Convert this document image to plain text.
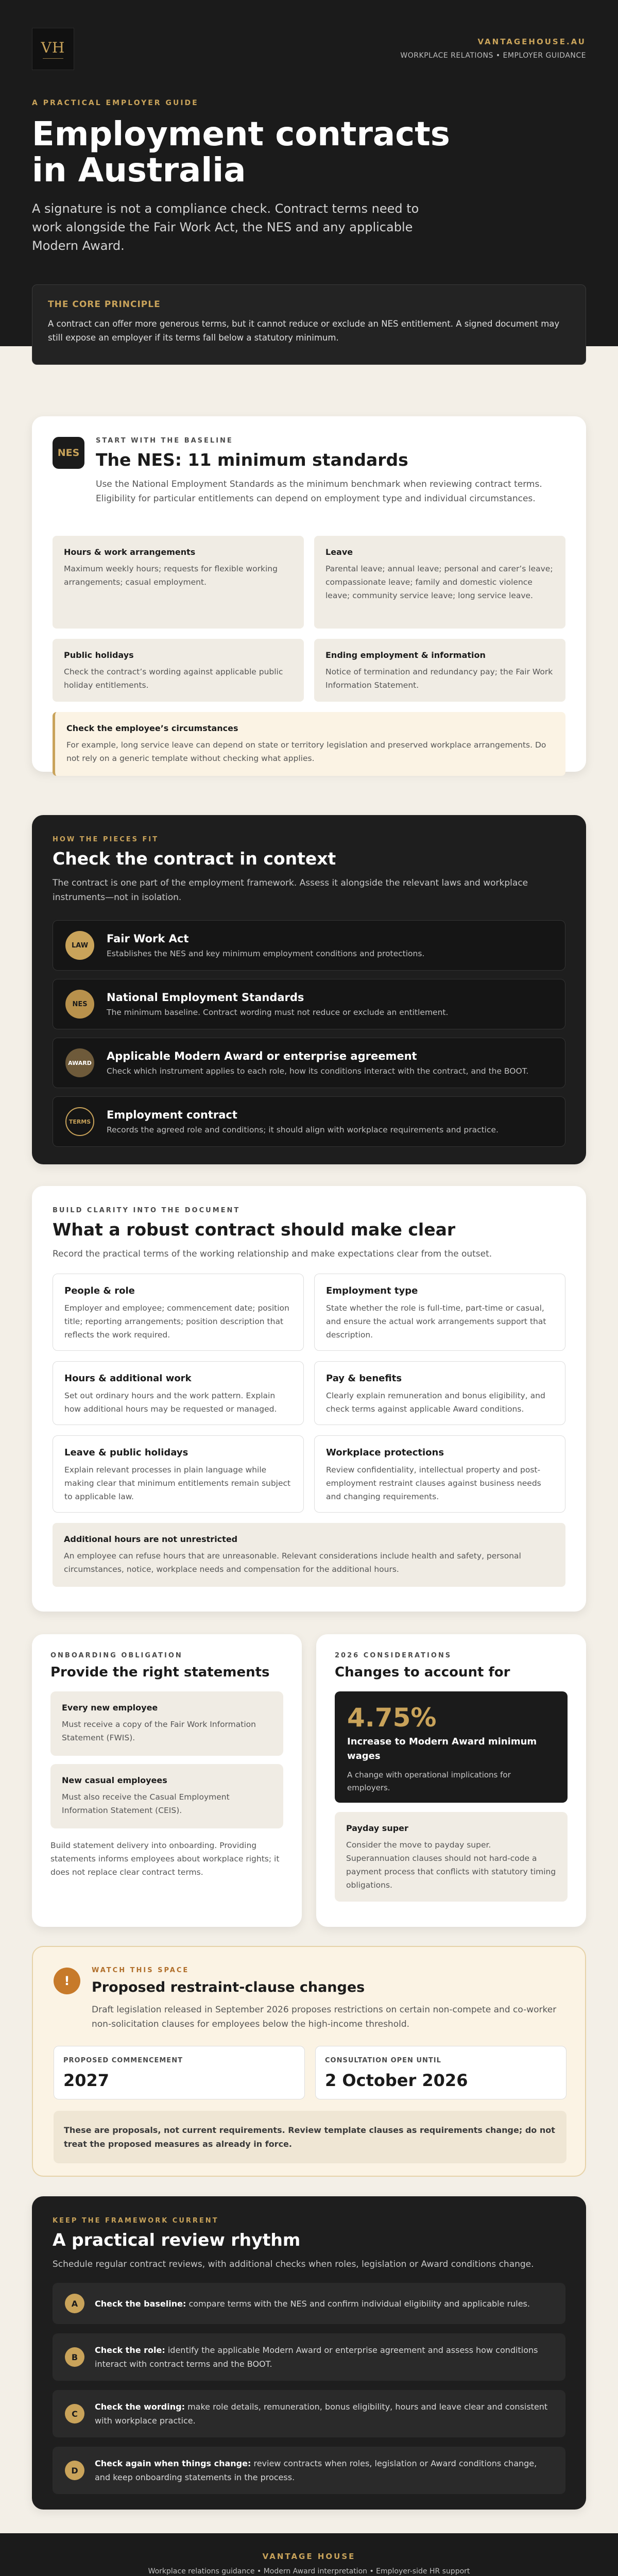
VH	VANTAGEHOUSE.AU
WORKPLACE RELATIONS • EMPLOYER GUIDANCE
A PRACTICAL EMPLOYER GUIDE
Employment contracts in Australia
A signature is not a compliance check. Contract terms need to work alongside the Fair Work Act, the NES and any applicable Modern Award.
THE CORE PRINCIPLE
A contract can offer more generous terms, but it cannot reduce or exclude an NES entitlement. A signed document may still expose an employer if its terms fall below a statutory minimum.
NES
START WITH THE BASELINE
The NES: 11 minimum standards
Use the National Employment Standards as the minimum benchmark when reviewing contract terms. Eligibility for particular entitlements can depend on employment type and individual circumstances.
Hours & work arrangements
Maximum weekly hours; requests for flexible working arrangements; casual employment.
Leave
Parental leave; annual leave; personal and carer’s leave; compassionate leave; family and domestic violence leave; community service leave; long service leave.
Public holidays
Check the contract’s wording against applicable public holiday entitlements.
Ending employment & information
Notice of termination and redundancy pay; the Fair Work Information Statement.
Check the employee’s circumstances
For example, long service leave can depend on state or territory legislation and preserved workplace arrangements. Do not rely on a generic template without checking what applies.
HOW THE PIECES FIT
Check the contract in context
The contract is one part of the employment framework. Assess it alongside the relevant laws and workplace instruments—not in isolation.
LAW
Fair Work Act
Establishes the NES and key minimum employment conditions and protections.
NES
National Employment Standards
The minimum baseline. Contract wording must not reduce or exclude an entitlement.
AWARD
Applicable Modern Award or enterprise agreement
Check which instrument applies to each role, how its conditions interact with the contract, and the BOOT.
TERMS
Employment contract
Records the agreed role and conditions; it should align with workplace requirements and practice.
BUILD CLARITY INTO THE DOCUMENT
What a robust contract should make clear
Record the practical terms of the working relationship and make expectations clear from the outset.
People & role
Employer and employee; commencement date; position title; reporting arrangements; position description that reflects the work required.
Employment type
State whether the role is full-time, part-time or casual, and ensure the actual work arrangements support that description.
Hours & additional work
Set out ordinary hours and the work pattern. Explain how additional hours may be requested or managed.
Pay & benefits
Clearly explain remuneration and bonus eligibility, and check terms against applicable Award conditions.
Leave & public holidays
Explain relevant processes in plain language while making clear that minimum entitlements remain subject to applicable law.
Workplace protections
Review confidentiality, intellectual property and post-employment restraint clauses against business needs and changing requirements.
Additional hours are not unrestricted
An employee can refuse hours that are unreasonable. Relevant considerations include health and safety, personal circumstances, notice, workplace needs and compensation for the additional hours.
ONBOARDING OBLIGATION
Provide the right statements
Every new employee
Must receive a copy of the Fair Work Information Statement (FWIS).
New casual employees
Must also receive the Casual Employment Information Statement (CEIS).
Build statement delivery into onboarding. Providing statements informs employees about workplace rights; it does not replace clear contract terms.
2026 CONSIDERATIONS
Changes to account for
4.75%
Increase to Modern Award minimum wages
A change with operational implications for employers.
Payday super
Consider the move to payday super. Superannuation clauses should not hard-code a payment process that conflicts with statutory timing obligations.
!
WATCH THIS SPACE
Proposed restraint-clause changes
Draft legislation released in September 2026 proposes restrictions on certain non-compete and co-worker non-solicitation clauses for employees below the high-income threshold.
PROPOSED COMMENCEMENT
2027
CONSULTATION OPEN UNTIL
2 October 2026
These are proposals, not current requirements. Review template clauses as requirements change; do not treat the proposed measures as already in force.
KEEP THE FRAMEWORK CURRENT
A practical review rhythm
Schedule regular contract reviews, with additional checks when roles, legislation or Award conditions change.
A	Check the baseline: compare terms with the NES and confirm individual eligibility and applicable rules.
B
Check the role: identify the applicable Modern Award or enterprise agreement and assess how conditions interact with contract terms and the BOOT.
C
Check the wording: make role details, remuneration, bonus eligibility, hours and leave clear and consistent with workplace practice.
D
Check again when things change: review contracts when roles, legislation or Award conditions change, and keep onboarding statements in the process.
VANTAGE HOUSE
Workplace relations guidance • Modern Award interpretation • Employer-side HR support
